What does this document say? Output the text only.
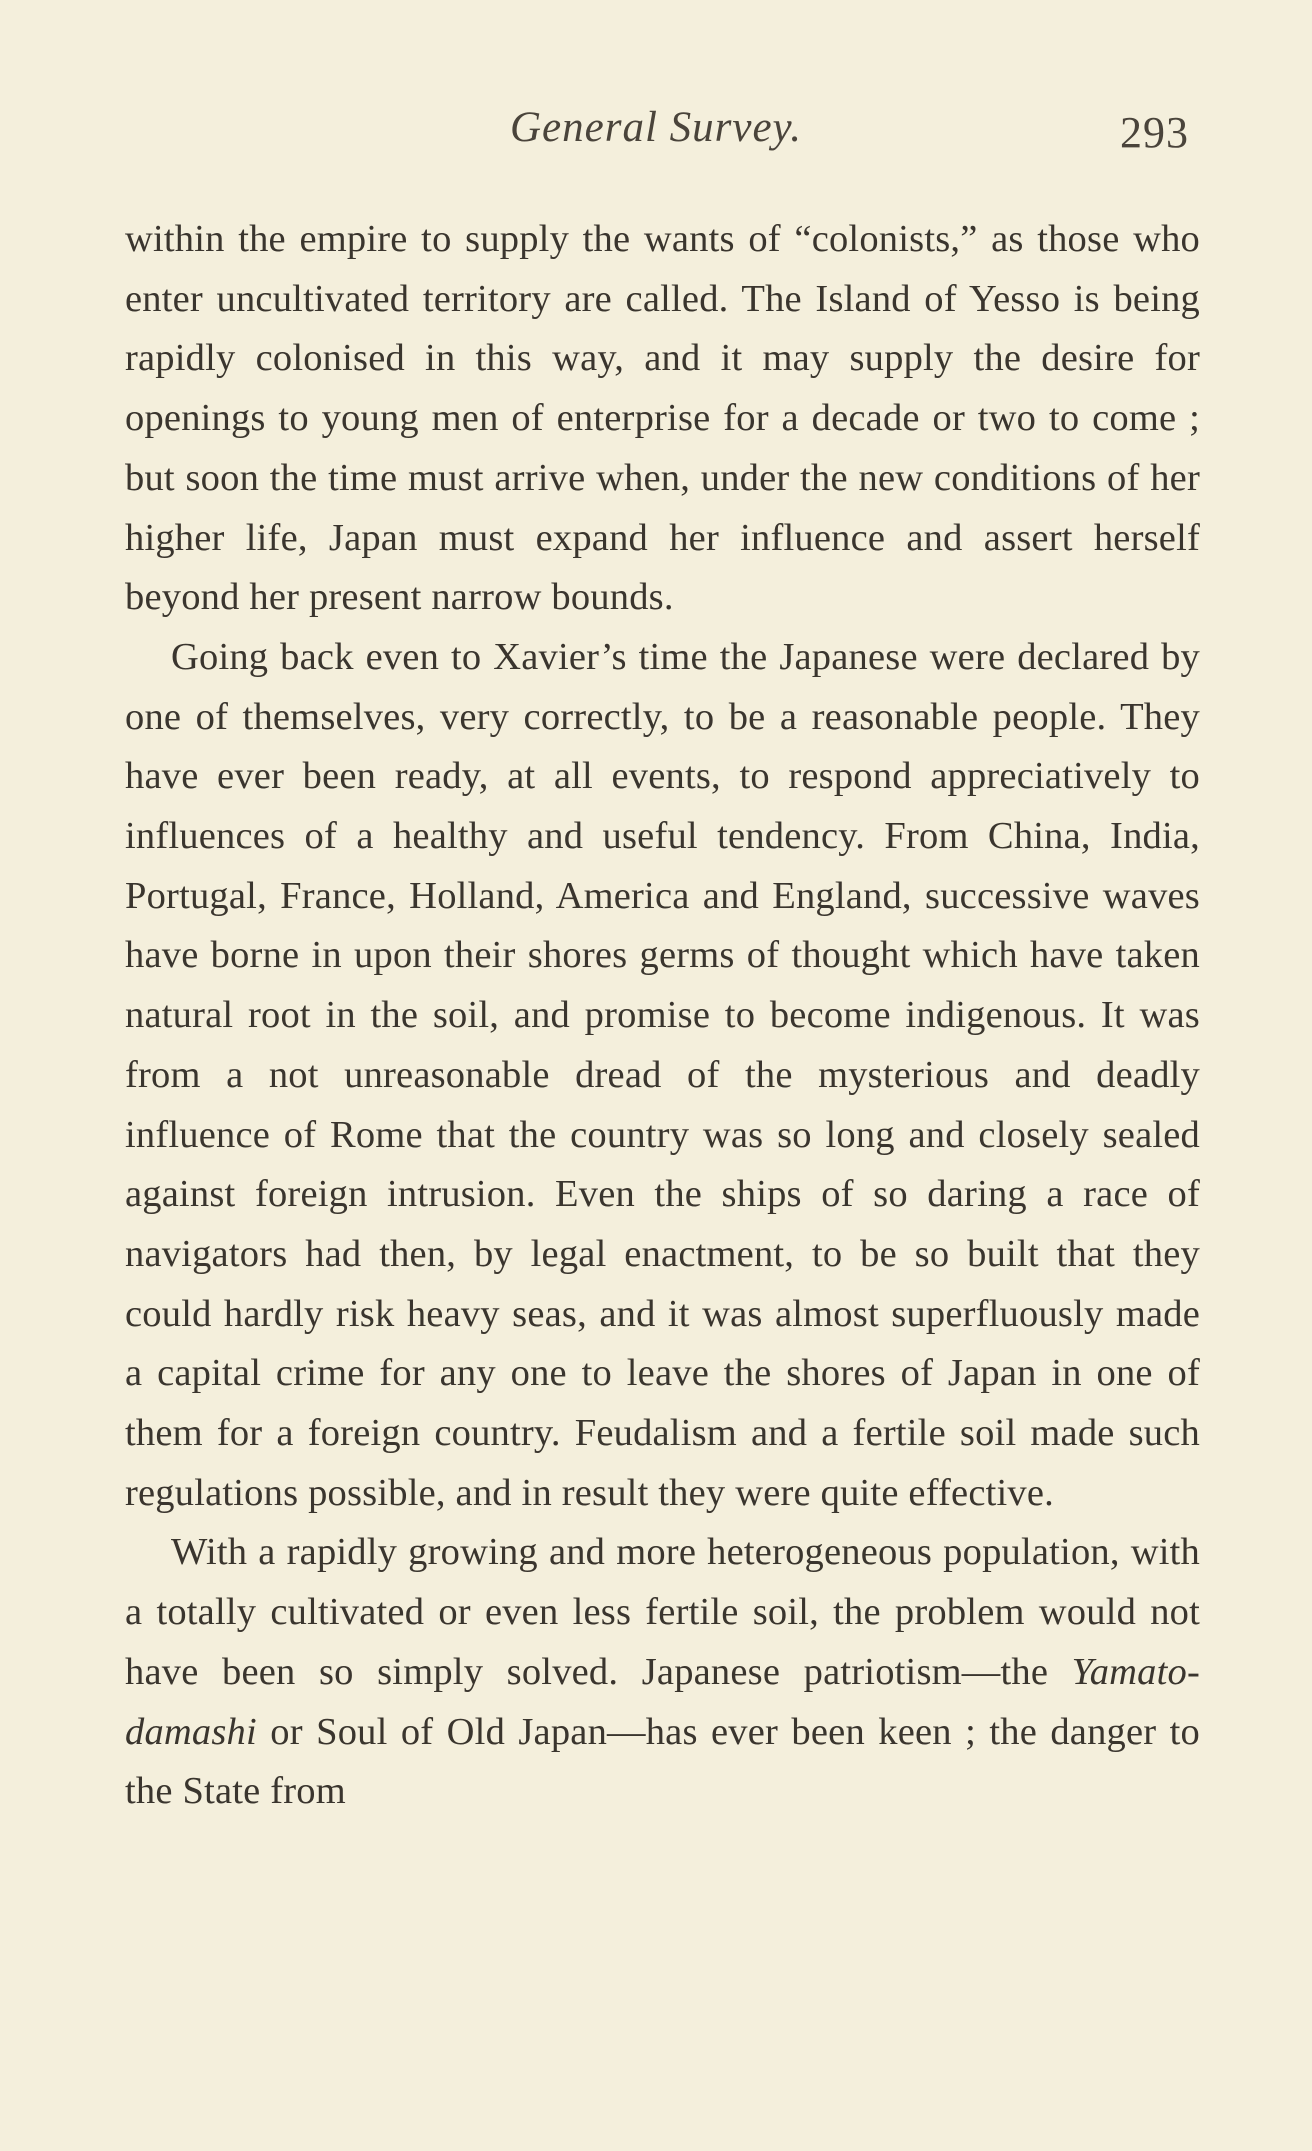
General Survey.	293

within the empire to supply the wants of “colonists,” as those who enter uncultivated territory are called. The Island of Yesso is being rapidly colonised in this way, and it may supply the desire for openings to young men of enterprise for a decade or two to come ; but soon the time must arrive when, under the new conditions of her higher life, Japan must expand her influence and assert herself beyond her present narrow bounds.

Going back even to Xavier’s time the Japanese were declared by one of themselves, very correctly, to be a reasonable people. They have ever been ready, at all events, to respond appreciatively to influences of a healthy and useful tendency. From China, India, Portugal, France, Holland, America and England, successive waves have borne in upon their shores germs of thought which have taken natural root in the soil, and promise to become indigenous. It was from a not unreasonable dread of the mysterious and deadly influence of Rome that the country was so long and closely sealed against foreign intrusion. Even the ships of so daring a race of navigators had then, by legal enactment, to be so built that they could hardly risk heavy seas, and it was almost superfluously made a capital crime for any one to leave the shores of Japan in one of them for a foreign country. Feudalism and a fertile soil made such regulations possible, and in result they were quite effective.

With a rapidly growing and more heterogeneous population, with a totally cultivated or even less fertile soil, the problem would not have been so simply solved. Japanese patriotism—the Yamato-damashi or Soul of Old Japan—has ever been keen ; the danger to the State from
